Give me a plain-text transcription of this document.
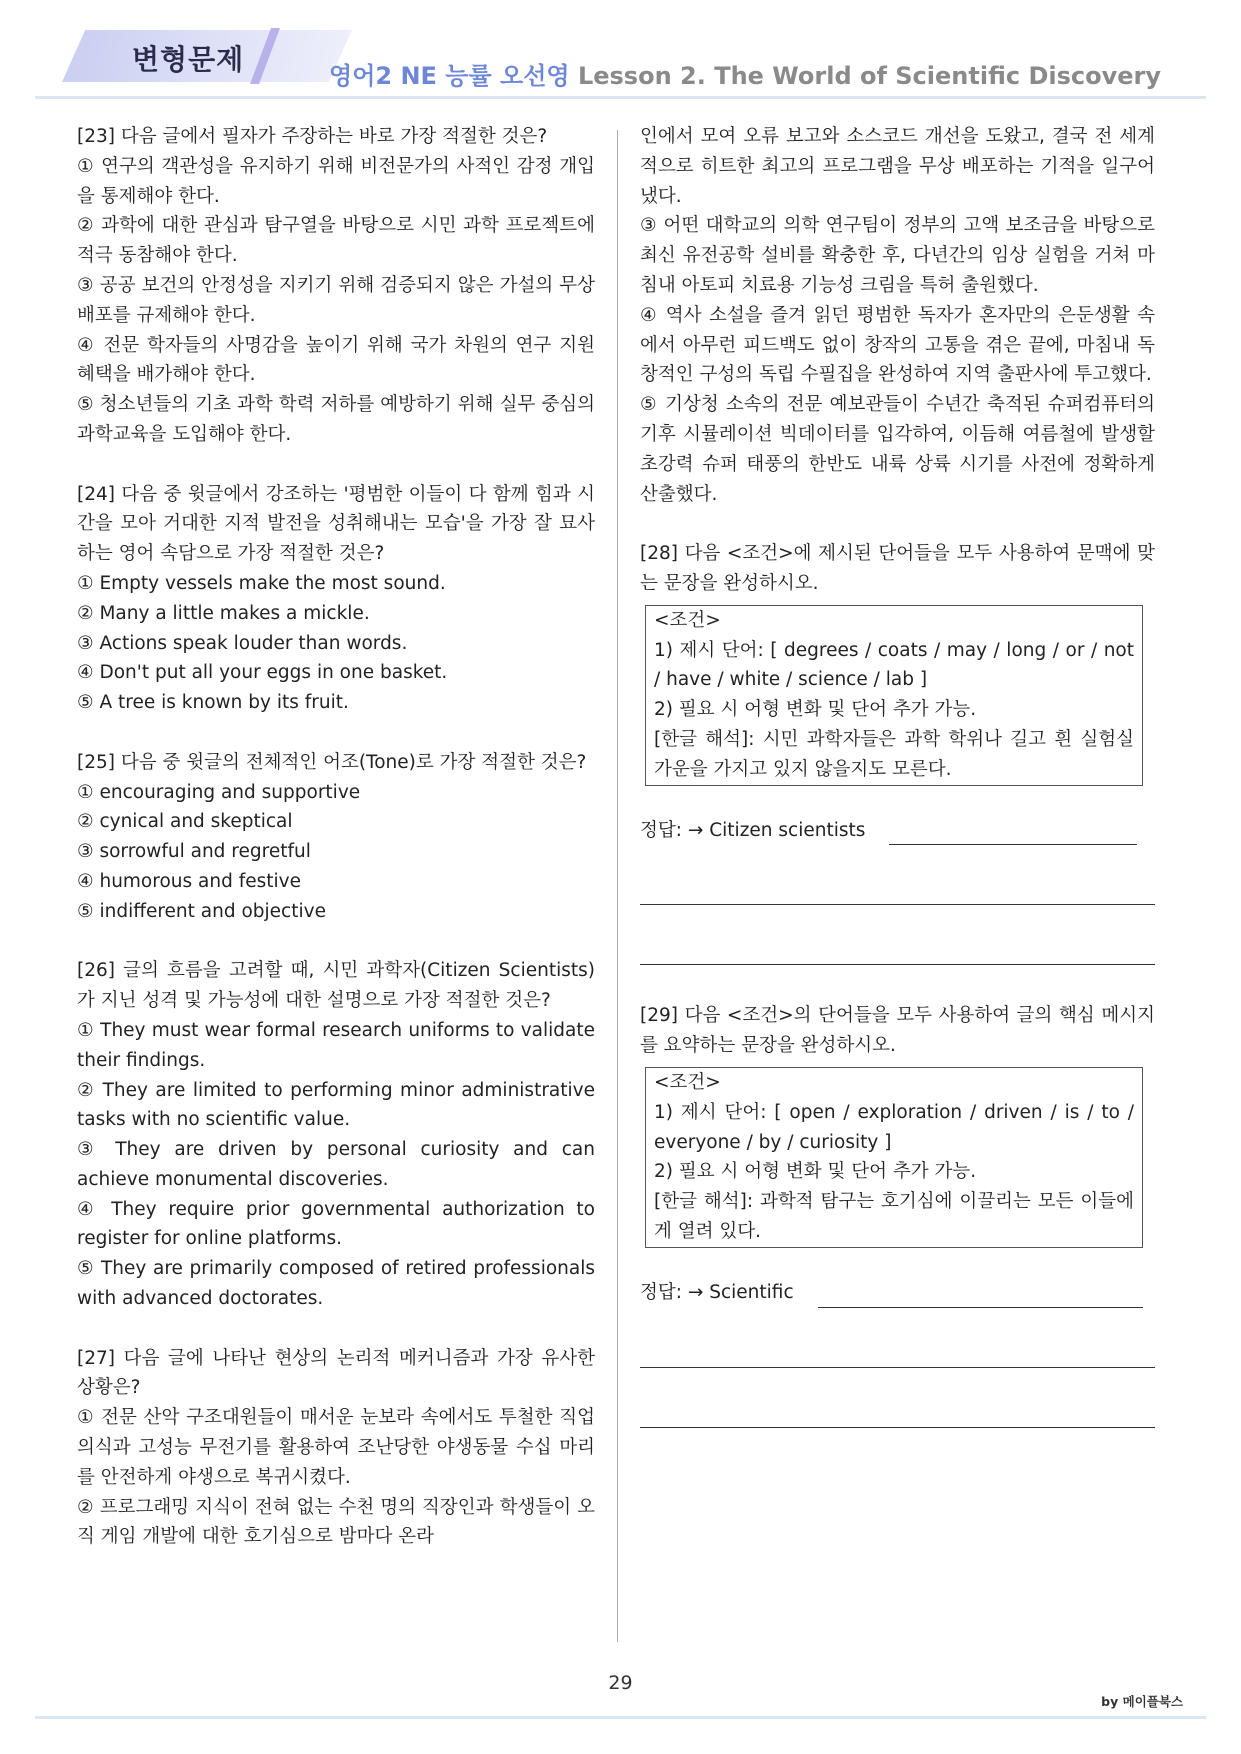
변형문제	영어2 NE 능률 오선영 Lesson 2. The World of Scientific Discovery

[23] 다음 글에서 필자가 주장하는 바로 가장 적절한 것은?

① 연구의 객관성을 유지하기 위해 비전문가의 사적인 감정 개입을 통제해야 한다.

② 과학에 대한 관심과 탐구열을 바탕으로 시민 과학 프로젝트에 적극 동참해야 한다.

③ 공공 보건의 안정성을 지키기 위해 검증되지 않은 가설의 무상 배포를 규제해야 한다.

④ 전문 학자들의 사명감을 높이기 위해 국가 차원의 연구 지원 혜택을 배가해야 한다.

⑤ 청소년들의 기초 과학 학력 저하를 예방하기 위해 실무 중심의 과학교육을 도입해야 한다.

[24] 다음 중 윗글에서 강조하는 '평범한 이들이 다 함께 힘과 시간을 모아 거대한 지적 발전을 성취해내는 모습'을 가장 잘 묘사하는 영어 속담으로 가장 적절한 것은?

① Empty vessels make the most sound.

② Many a little makes a mickle.

③ Actions speak louder than words.

④ Don't put all your eggs in one basket.

⑤ A tree is known by its fruit.

[25] 다음 중 윗글의 전체적인 어조(Tone)로 가장 적절한 것은?

① encouraging and supportive

② cynical and skeptical

③ sorrowful and regretful

④ humorous and festive

⑤ indifferent and objective

[26] 글의 흐름을 고려할 때, 시민 과학자(Citizen Scientists)가 지닌 성격 및 가능성에 대한 설명으로 가장 적절한 것은?

① They must wear formal research uniforms to validate their findings.

② They are limited to performing minor administrative tasks with no scientific value.

③ They are driven by personal curiosity and can achieve monumental discoveries.

④ They require prior governmental authorization to register for online platforms.

⑤ They are primarily composed of retired professionals with advanced doctorates.

[27] 다음 글에 나타난 현상의 논리적 메커니즘과 가장 유사한 상황은?

① 전문 산악 구조대원들이 매서운 눈보라 속에서도 투철한 직업의식과 고성능 무전기를 활용하여 조난당한 야생동물 수십 마리를 안전하게 야생으로 복귀시켰다.

② 프로그래밍 지식이 전혀 없는 수천 명의 직장인과 학생들이 오직 게임 개발에 대한 호기심으로 밤마다 온라

인에서 모여 오류 보고와 소스코드 개선을 도왔고, 결국 전 세계적으로 히트한 최고의 프로그램을 무상 배포하는 기적을 일구어냈다.

③ 어떤 대학교의 의학 연구팀이 정부의 고액 보조금을 바탕으로 최신 유전공학 설비를 확충한 후, 다년간의 임상 실험을 거쳐 마침내 아토피 치료용 기능성 크림을 특허 출원했다.

④ 역사 소설을 즐겨 읽던 평범한 독자가 혼자만의 은둔생활 속에서 아무런 피드백도 없이 창작의 고통을 겪은 끝에, 마침내 독창적인 구성의 독립 수필집을 완성하여 지역 출판사에 투고했다.

⑤ 기상청 소속의 전문 예보관들이 수년간 축적된 슈퍼컴퓨터의 기후 시뮬레이션 빅데이터를 입각하여, 이듬해 여름철에 발생할 초강력 슈퍼 태풍의 한반도 내륙 상륙 시기를 사전에 정확하게 산출했다.

[28] 다음 <조건>에 제시된 단어들을 모두 사용하여 문맥에 맞는 문장을 완성하시오.

<조건>

1) 제시 단어: [ degrees / coats / may / long / or / not / have / white / science / lab ]

2) 필요 시 어형 변화 및 단어 추가 가능.

[한글 해석]: 시민 과학자들은 과학 학위나 길고 흰 실험실 가운을 가지고 있지 않을지도 모른다.

정답: → Citizen scientists

[29] 다음 <조건>의 단어들을 모두 사용하여 글의 핵심 메시지를 요약하는 문장을 완성하시오.

<조건>

1) 제시 단어: [ open / exploration / driven / is / to / everyone / by / curiosity ]

2) 필요 시 어형 변화 및 단어 추가 가능.

[한글 해석]: 과학적 탐구는 호기심에 이끌리는 모든 이들에게 열려 있다.

정답: → Scientific
29
by 메이플북스
